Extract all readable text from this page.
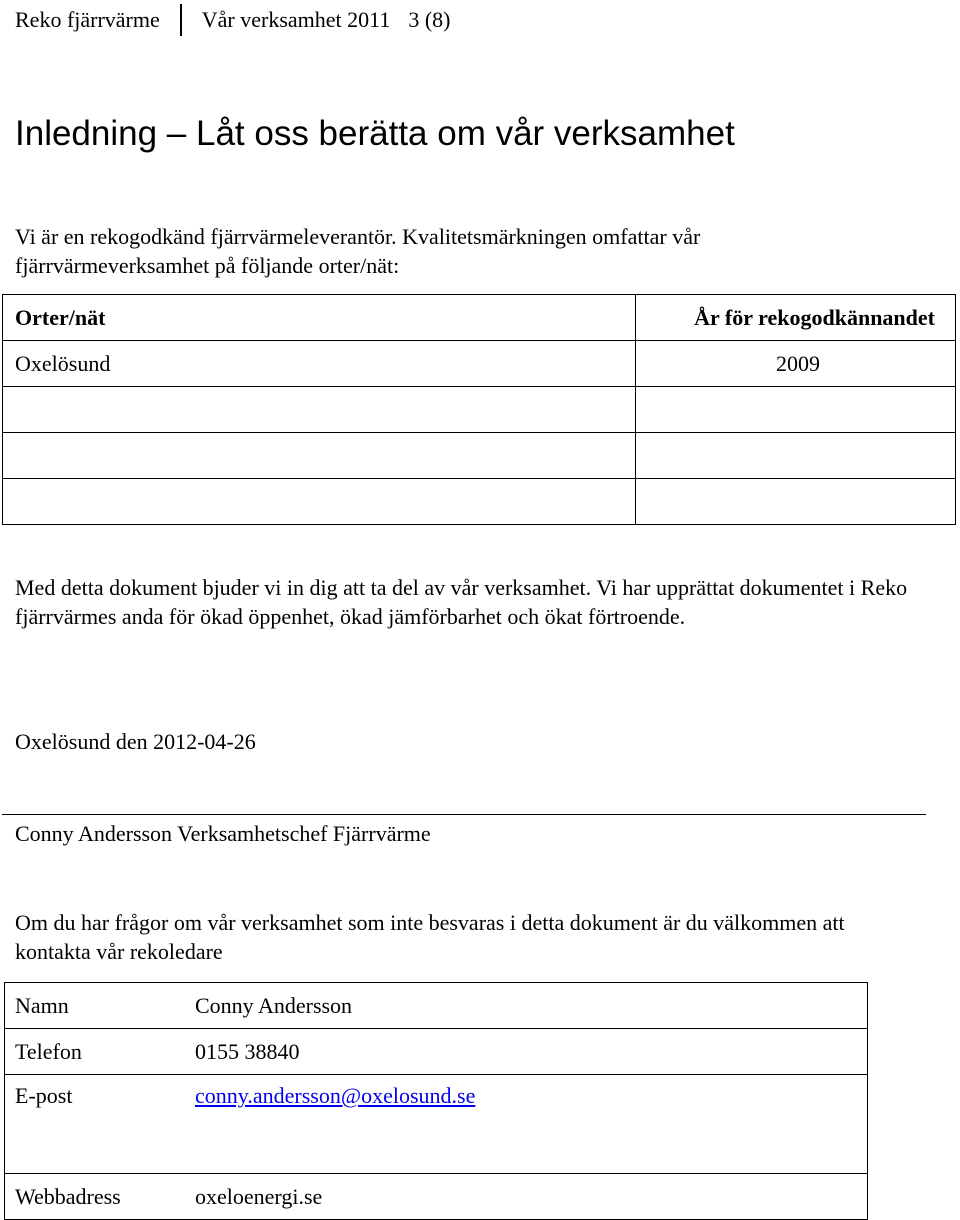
Reko fjärrvärme Vår verksamhet 2011 3 (8)
Inledning – Låt oss berätta om vår verksamhet
Vi är en rekogodkänd fjärrvärmeleverantör. Kvalitetsmärkningen omfattar vår fjärrvärmeverksamhet på följande orter/nät:
Orter/nät	År för rekogodkännandet
Oxelösund	2009

Med detta dokument bjuder vi in dig att ta del av vår verksamhet. Vi har upprättat dokumentet i Reko fjärrvärmes anda för ökad öppenhet, ökad jämförbarhet och ökat förtroende.
Oxelösund den 2012-04-26
Conny Andersson Verksamhetschef Fjärrvärme
Om du har frågor om vår verksamhet som inte besvaras i detta dokument är du välkommen att kontakta vår rekoledare
Namn	Conny Andersson
Telefon	0155 38840
E-post	conny.andersson@oxelosund.se
Webbadress	oxeloenergi.se
